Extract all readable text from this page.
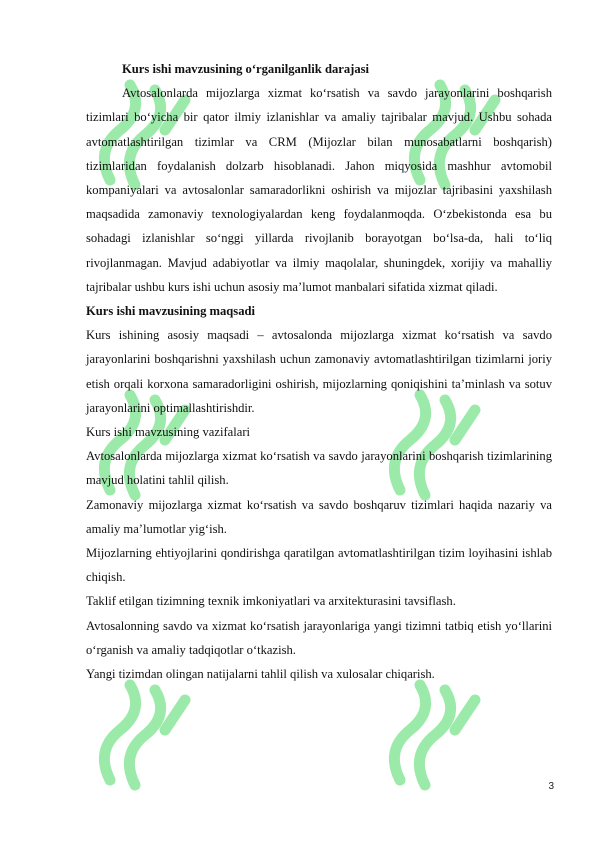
Kurs ishi mavzusining o‘rganilganlik darajasi

Avtosalonlarda mijozlarga xizmat ko‘rsatish va savdo jarayonlarini boshqarish tizimlari bo‘yicha bir qator ilmiy izlanishlar va amaliy tajribalar mavjud. Ushbu sohada avtomatlashtirilgan tizimlar va CRM (Mijozlar bilan munosabatlarni boshqarish) tizimlaridan foydalanish dolzarb hisoblanadi. Jahon miqyosida mashhur avtomobil kompaniyalari va avtosalonlar samaradorlikni oshirish va mijozlar tajribasini yaxshilash maqsadida zamonaviy texnologiyalardan keng foydalanmoqda. O‘zbekistonda esa bu sohadagi izlanishlar so‘nggi yillarda rivojlanib borayotgan bo‘lsa-da, hali to‘liq rivojlanmagan. Mavjud adabiyotlar va ilmiy maqolalar, shuningdek, xorijiy va mahalliy tajribalar ushbu kurs ishi uchun asosiy ma’lumot manbalari sifatida xizmat qiladi.

Kurs ishi mavzusining maqsadi

Kurs ishining asosiy maqsadi – avtosalonda mijozlarga xizmat ko‘rsatish va savdo jarayonlarini boshqarishni yaxshilash uchun zamonaviy avtomatlashtirilgan tizimlarni joriy etish orqali korxona samaradorligini oshirish, mijozlarning qoniqishini ta’minlash va sotuv jarayonlarini optimallashtirishdir.

Kurs ishi mavzusining vazifalari

Avtosalonlarda mijozlarga xizmat ko‘rsatish va savdo jarayonlarini boshqarish tizimlarining mavjud holatini tahlil qilish.

Zamonaviy mijozlarga xizmat ko‘rsatish va savdo boshqaruv tizimlari haqida nazariy va amaliy ma’lumotlar yig‘ish.

Mijozlarning ehtiyojlarini qondirishga qaratilgan avtomatlashtirilgan tizim loyihasini ishlab chiqish.

Taklif etilgan tizimning texnik imkoniyatlari va arxitekturasini tavsiflash.

Avtosalonning savdo va xizmat ko‘rsatish jarayonlariga yangi tizimni tatbiq etish yo‘llarini o‘rganish va amaliy tadqiqotlar o‘tkazish.

Yangi tizimdan olingan natijalarni tahlil qilish va xulosalar chiqarish.

3
